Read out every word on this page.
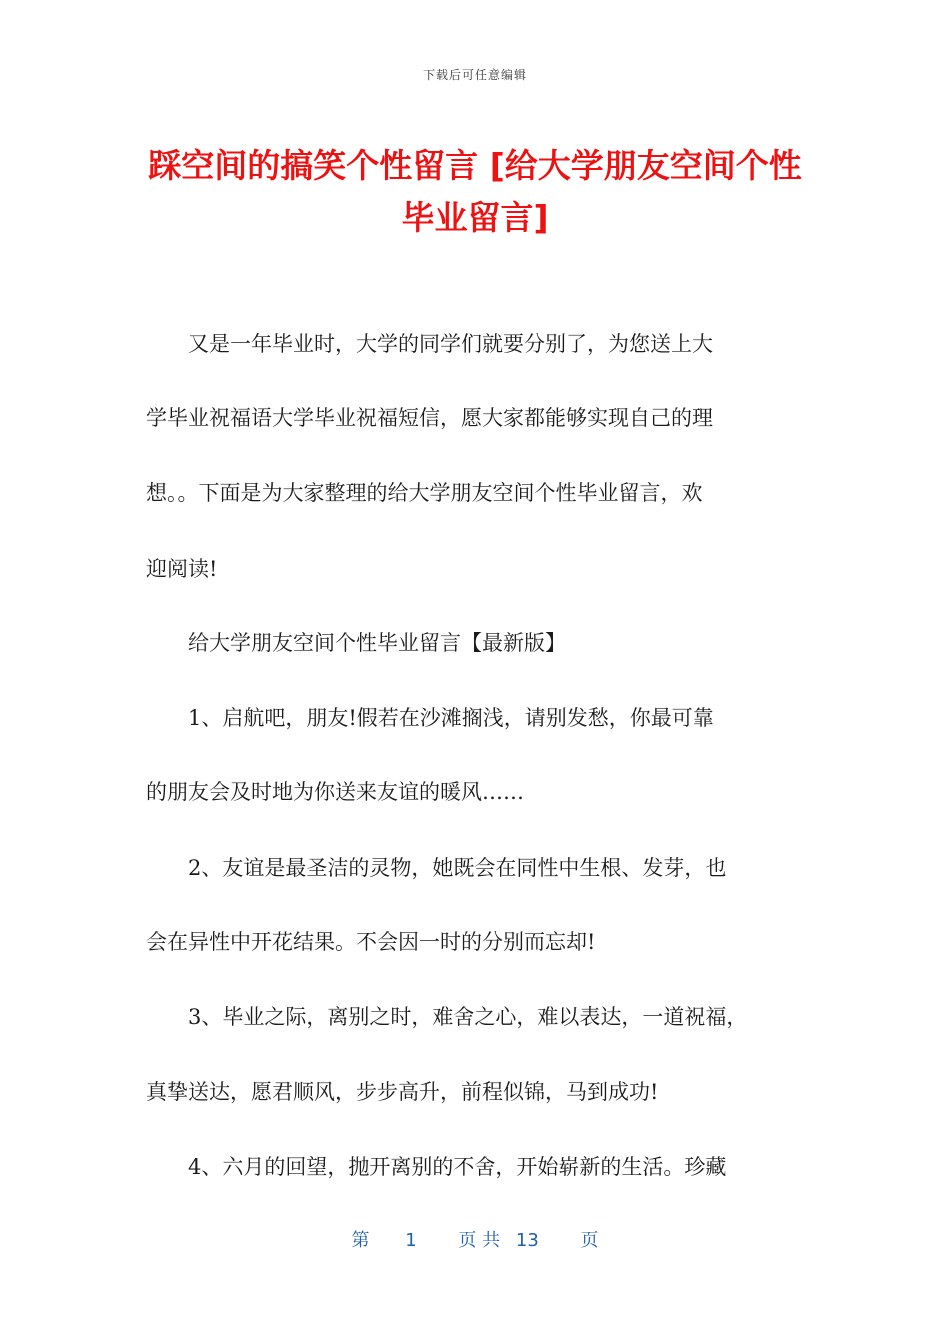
下载后可任意编辑
踩空间的搞笑个性留言 [给大学朋友空间个性
毕业留言]
　　又是一年毕业时，大学的同学们就要分别了，为您送上大
学毕业祝福语大学毕业祝福短信，愿大家都能够实现自己的理
想。。下面是为大家整理的给大学朋友空间个性毕业留言，欢
迎阅读!
　　给大学朋友空间个性毕业留言【最新版】
　　1、启航吧，朋友!假若在沙滩搁浅，请别发愁，你最可靠
的朋友会及时地为你送来友谊的暖风……
　　2、友谊是最圣洁的灵物，她既会在同性中生根、发芽，也
会在异性中开花结果。不会因一时的分别而忘却!
　　3、毕业之际，离别之时，难舍之心，难以表达，一道祝福，
真挚送达，愿君顺风，步步高升，前程似锦，马到成功!
　　4、六月的回望，抛开离别的不舍，开始崭新的生活。珍藏
第 1 页 共 13 页
